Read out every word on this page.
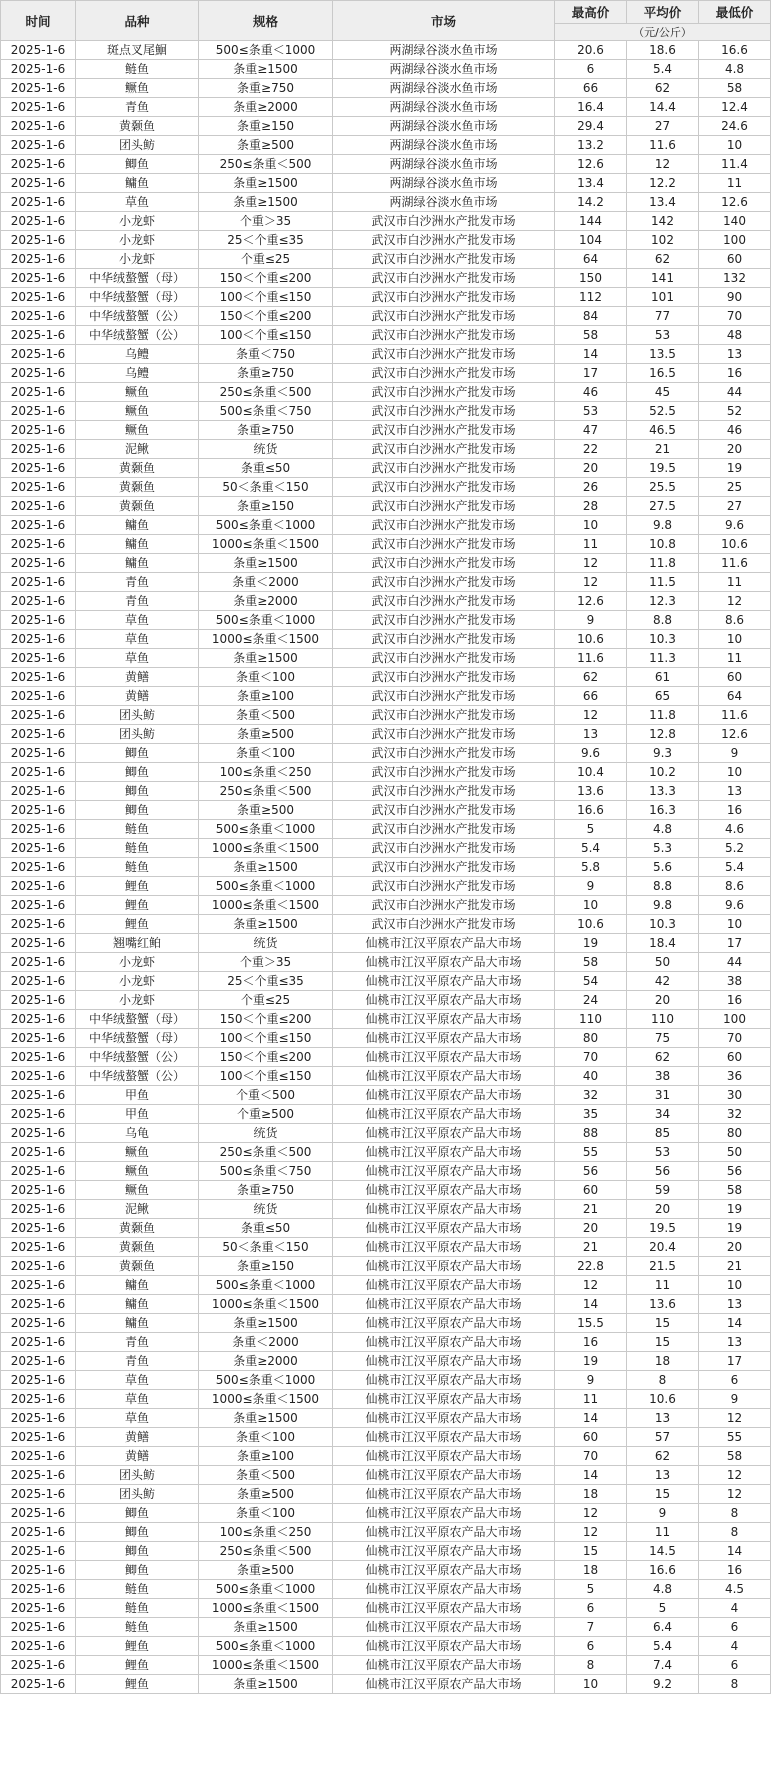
时间	品种	规格	市场	最高价	平均价	最低价
					（元/公斤）	
2025-1-6	斑点叉尾鮰	500≤条重＜1000	两湖绿谷淡水鱼市场	20.6	18.6	16.6
2025-1-6	鲢鱼	条重≥1500	两湖绿谷淡水鱼市场	6	5.4	4.8
2025-1-6	鳜鱼	条重≥750	两湖绿谷淡水鱼市场	66	62	58
2025-1-6	青鱼	条重≥2000	两湖绿谷淡水鱼市场	16.4	14.4	12.4
2025-1-6	黄颡鱼	条重≥150	两湖绿谷淡水鱼市场	29.4	27	24.6
2025-1-6	团头鲂	条重≥500	两湖绿谷淡水鱼市场	13.2	11.6	10
2025-1-6	鲫鱼	250≤条重＜500	两湖绿谷淡水鱼市场	12.6	12	11.4
2025-1-6	鳙鱼	条重≥1500	两湖绿谷淡水鱼市场	13.4	12.2	11
2025-1-6	草鱼	条重≥1500	两湖绿谷淡水鱼市场	14.2	13.4	12.6
2025-1-6	小龙虾	个重＞35	武汉市白沙洲水产批发市场	144	142	140
2025-1-6	小龙虾	25＜个重≤35	武汉市白沙洲水产批发市场	104	102	100
2025-1-6	小龙虾	个重≤25	武汉市白沙洲水产批发市场	64	62	60
2025-1-6	中华绒螯蟹（母）	150＜个重≤200	武汉市白沙洲水产批发市场	150	141	132
2025-1-6	中华绒螯蟹（母）	100＜个重≤150	武汉市白沙洲水产批发市场	112	101	90
2025-1-6	中华绒螯蟹（公）	150＜个重≤200	武汉市白沙洲水产批发市场	84	77	70
2025-1-6	中华绒螯蟹（公）	100＜个重≤150	武汉市白沙洲水产批发市场	58	53	48
2025-1-6	乌鳢	条重＜750	武汉市白沙洲水产批发市场	14	13.5	13
2025-1-6	乌鳢	条重≥750	武汉市白沙洲水产批发市场	17	16.5	16
2025-1-6	鳜鱼	250≤条重＜500	武汉市白沙洲水产批发市场	46	45	44
2025-1-6	鳜鱼	500≤条重＜750	武汉市白沙洲水产批发市场	53	52.5	52
2025-1-6	鳜鱼	条重≥750	武汉市白沙洲水产批发市场	47	46.5	46
2025-1-6	泥鳅	统货	武汉市白沙洲水产批发市场	22	21	20
2025-1-6	黄颡鱼	条重≤50	武汉市白沙洲水产批发市场	20	19.5	19
2025-1-6	黄颡鱼	50＜条重＜150	武汉市白沙洲水产批发市场	26	25.5	25
2025-1-6	黄颡鱼	条重≥150	武汉市白沙洲水产批发市场	28	27.5	27
2025-1-6	鳙鱼	500≤条重＜1000	武汉市白沙洲水产批发市场	10	9.8	9.6
2025-1-6	鳙鱼	1000≤条重＜1500	武汉市白沙洲水产批发市场	11	10.8	10.6
2025-1-6	鳙鱼	条重≥1500	武汉市白沙洲水产批发市场	12	11.8	11.6
2025-1-6	青鱼	条重＜2000	武汉市白沙洲水产批发市场	12	11.5	11
2025-1-6	青鱼	条重≥2000	武汉市白沙洲水产批发市场	12.6	12.3	12
2025-1-6	草鱼	500≤条重＜1000	武汉市白沙洲水产批发市场	9	8.8	8.6
2025-1-6	草鱼	1000≤条重＜1500	武汉市白沙洲水产批发市场	10.6	10.3	10
2025-1-6	草鱼	条重≥1500	武汉市白沙洲水产批发市场	11.6	11.3	11
2025-1-6	黄鳝	条重＜100	武汉市白沙洲水产批发市场	62	61	60
2025-1-6	黄鳝	条重≥100	武汉市白沙洲水产批发市场	66	65	64
2025-1-6	团头鲂	条重＜500	武汉市白沙洲水产批发市场	12	11.8	11.6
2025-1-6	团头鲂	条重≥500	武汉市白沙洲水产批发市场	13	12.8	12.6
2025-1-6	鲫鱼	条重＜100	武汉市白沙洲水产批发市场	9.6	9.3	9
2025-1-6	鲫鱼	100≤条重＜250	武汉市白沙洲水产批发市场	10.4	10.2	10
2025-1-6	鲫鱼	250≤条重＜500	武汉市白沙洲水产批发市场	13.6	13.3	13
2025-1-6	鲫鱼	条重≥500	武汉市白沙洲水产批发市场	16.6	16.3	16
2025-1-6	鲢鱼	500≤条重＜1000	武汉市白沙洲水产批发市场	5	4.8	4.6
2025-1-6	鲢鱼	1000≤条重＜1500	武汉市白沙洲水产批发市场	5.4	5.3	5.2
2025-1-6	鲢鱼	条重≥1500	武汉市白沙洲水产批发市场	5.8	5.6	5.4
2025-1-6	鲤鱼	500≤条重＜1000	武汉市白沙洲水产批发市场	9	8.8	8.6
2025-1-6	鲤鱼	1000≤条重＜1500	武汉市白沙洲水产批发市场	10	9.8	9.6
2025-1-6	鲤鱼	条重≥1500	武汉市白沙洲水产批发市场	10.6	10.3	10
2025-1-6	翘嘴红鲌	统货	仙桃市江汉平原农产品大市场	19	18.4	17
2025-1-6	小龙虾	个重＞35	仙桃市江汉平原农产品大市场	58	50	44
2025-1-6	小龙虾	25＜个重≤35	仙桃市江汉平原农产品大市场	54	42	38
2025-1-6	小龙虾	个重≤25	仙桃市江汉平原农产品大市场	24	20	16
2025-1-6	中华绒螯蟹（母）	150＜个重≤200	仙桃市江汉平原农产品大市场	110	110	100
2025-1-6	中华绒螯蟹（母）	100＜个重≤150	仙桃市江汉平原农产品大市场	80	75	70
2025-1-6	中华绒螯蟹（公）	150＜个重≤200	仙桃市江汉平原农产品大市场	70	62	60
2025-1-6	中华绒螯蟹（公）	100＜个重≤150	仙桃市江汉平原农产品大市场	40	38	36
2025-1-6	甲鱼	个重＜500	仙桃市江汉平原农产品大市场	32	31	30
2025-1-6	甲鱼	个重≥500	仙桃市江汉平原农产品大市场	35	34	32
2025-1-6	乌龟	统货	仙桃市江汉平原农产品大市场	88	85	80
2025-1-6	鳜鱼	250≤条重＜500	仙桃市江汉平原农产品大市场	55	53	50
2025-1-6	鳜鱼	500≤条重＜750	仙桃市江汉平原农产品大市场	56	56	56
2025-1-6	鳜鱼	条重≥750	仙桃市江汉平原农产品大市场	60	59	58
2025-1-6	泥鳅	统货	仙桃市江汉平原农产品大市场	21	20	19
2025-1-6	黄颡鱼	条重≤50	仙桃市江汉平原农产品大市场	20	19.5	19
2025-1-6	黄颡鱼	50＜条重＜150	仙桃市江汉平原农产品大市场	21	20.4	20
2025-1-6	黄颡鱼	条重≥150	仙桃市江汉平原农产品大市场	22.8	21.5	21
2025-1-6	鳙鱼	500≤条重＜1000	仙桃市江汉平原农产品大市场	12	11	10
2025-1-6	鳙鱼	1000≤条重＜1500	仙桃市江汉平原农产品大市场	14	13.6	13
2025-1-6	鳙鱼	条重≥1500	仙桃市江汉平原农产品大市场	15.5	15	14
2025-1-6	青鱼	条重＜2000	仙桃市江汉平原农产品大市场	16	15	13
2025-1-6	青鱼	条重≥2000	仙桃市江汉平原农产品大市场	19	18	17
2025-1-6	草鱼	500≤条重＜1000	仙桃市江汉平原农产品大市场	9	8	6
2025-1-6	草鱼	1000≤条重＜1500	仙桃市江汉平原农产品大市场	11	10.6	9
2025-1-6	草鱼	条重≥1500	仙桃市江汉平原农产品大市场	14	13	12
2025-1-6	黄鳝	条重＜100	仙桃市江汉平原农产品大市场	60	57	55
2025-1-6	黄鳝	条重≥100	仙桃市江汉平原农产品大市场	70	62	58
2025-1-6	团头鲂	条重＜500	仙桃市江汉平原农产品大市场	14	13	12
2025-1-6	团头鲂	条重≥500	仙桃市江汉平原农产品大市场	18	15	12
2025-1-6	鲫鱼	条重＜100	仙桃市江汉平原农产品大市场	12	9	8
2025-1-6	鲫鱼	100≤条重＜250	仙桃市江汉平原农产品大市场	12	11	8
2025-1-6	鲫鱼	250≤条重＜500	仙桃市江汉平原农产品大市场	15	14.5	14
2025-1-6	鲫鱼	条重≥500	仙桃市江汉平原农产品大市场	18	16.6	16
2025-1-6	鲢鱼	500≤条重＜1000	仙桃市江汉平原农产品大市场	5	4.8	4.5
2025-1-6	鲢鱼	1000≤条重＜1500	仙桃市江汉平原农产品大市场	6	5	4
2025-1-6	鲢鱼	条重≥1500	仙桃市江汉平原农产品大市场	7	6.4	6
2025-1-6	鲤鱼	500≤条重＜1000	仙桃市江汉平原农产品大市场	6	5.4	4
2025-1-6	鲤鱼	1000≤条重＜1500	仙桃市江汉平原农产品大市场	8	7.4	6
2025-1-6	鲤鱼	条重≥1500	仙桃市江汉平原农产品大市场	10	9.2	8
